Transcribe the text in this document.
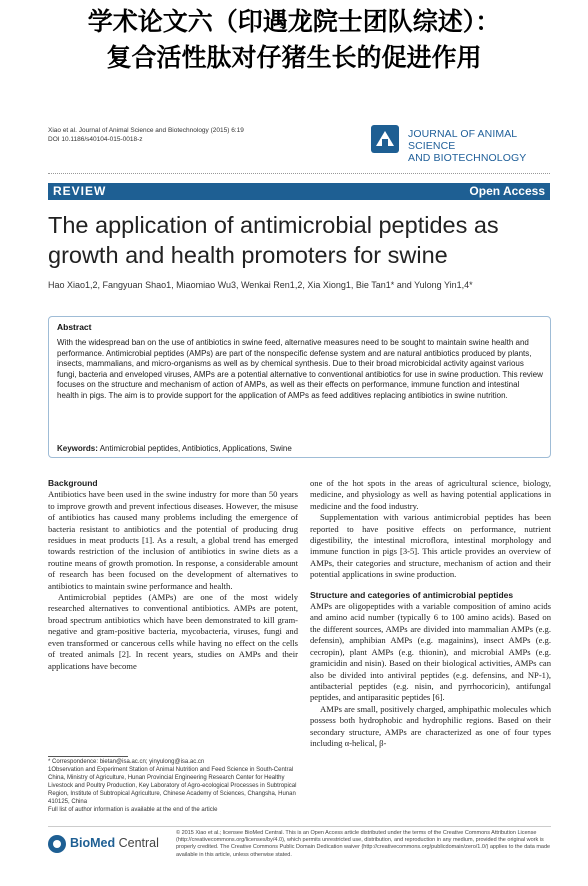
学术论文六（印遇龙院士团队综述）：
复合活性肽对仔猪生长的促进作用
Xiao et al. Journal of Animal Science and Biotechnology (2015) 6:19
DOI 10.1186/s40104-015-0018-z	JOURNAL OF ANIMAL SCIENCE
AND BIOTECHNOLOGY
REVIEW	Open Access
The application of antimicrobial peptides as growth and health promoters for swine
Hao Xiao1,2, Fangyuan Shao1, Miaomiao Wu3, Wenkai Ren1,2, Xia Xiong1, Bie Tan1* and Yulong Yin1,4*
Abstract
With the widespread ban on the use of antibiotics in swine feed, alternative measures need to be sought to maintain swine health and performance. Antimicrobial peptides (AMPs) are part of the nonspecific defense system and are natural antibiotics produced by plants, insects, mammalians, and micro-organisms as well as by chemical synthesis. Due to their broad microbicidal activity against various fungi, bacteria and enveloped viruses, AMPs are a potential alternative to conventional antibiotics for use in swine production. This review focuses on the structure and mechanism of action of AMPs, as well as their effects on performance, immune function and intestinal health in pigs. The aim is to provide support for the application of AMPs as feed additives replacing antibiotics in swine nutrition.
Keywords: Antimicrobial peptides, Antibiotics, Applications, Swine
Background

Antibiotics have been used in the swine industry for more than 50 years to improve growth and prevent infectious diseases. However, the misuse of antibiotics has caused many problems including the emergence of bacteria resistant to antibiotics and the potential of producing drug residues in meat products [1]. As a result, a global trend has emerged towards restriction of the inclusion of antibiotics in swine diets as a routine means of growth promotion. In response, a considerable amount of research has been focused on the development of alternatives to antibiotics to maintain swine performance and health.

Antimicrobial peptides (AMPs) are one of the most widely researched alternatives to conventional antibiotics. AMPs are potent, broad spectrum antibiotics which have been demonstrated to kill gram-negative and gram-positive bacteria, mycobacteria, viruses, fungi and even transformed or cancerous cells while having no effect on the cells of treated animals [2]. In recent years, studies on AMPs and their applications have become

one of the hot spots in the areas of agricultural science, biology, medicine, and physiology as well as having potential applications in medicine and the food industry.

Supplementation with various antimicrobial peptides has been reported to have positive effects on performance, nutrient digestibility, the intestinal microflora, intestinal morphology and immune function in pigs [3-5]. This article provides an overview of AMPs, their categories and structure, mechanism of action and their potential applications in swine production.

Structure and categories of antimicrobial peptides

AMPs are oligopeptides with a variable composition of amino acids and amino acid number (typically 6 to 100 amino acids). Based on the different sources, AMPs are divided into mammalian AMPs (e.g. defensin), amphibian AMPs (e.g. magainins), insect AMPs (e.g. cecropin), plant AMPs (e.g. thionin), and microbial AMPs (e.g. gramicidin and nisin). Based on their biological activities, AMPs can also be divided into antiviral peptides (e.g. defensins, and NP-1), antibacterial peptides (e.g. nisin, and pyrrhocoricin), antifungal peptides, and antiparasitic peptides [6].

AMPs are small, positively charged, amphipathic molecules which possess both hydrophobic and hydrophilic regions. Based on their secondary structure, AMPs are characterized as one of four types including α-helical, β-

* Correspondence: bietan@isa.ac.cn; yinyulong@isa.ac.cn
1Observation and Experiment Station of Animal Nutrition and Feed Science in South-Central China, Ministry of Agriculture, Hunan Provincial Engineering Research Center for Healthy Livestock and Poultry Production, Key Laboratory of Agro-ecological Processes in Subtropical Region, Institute of Subtropical Agriculture, Chinese Academy of Sciences, Changsha, Hunan 410125, China
Full list of author information is available at the end of the article
BioMed Central
© 2015 Xiao et al.; licensee BioMed Central. This is an Open Access article distributed under the terms of the Creative Commons Attribution License (http://creativecommons.org/licenses/by/4.0), which permits unrestricted use, distribution, and reproduction in any medium, provided the original work is properly credited. The Creative Commons Public Domain Dedication waiver (http://creativecommons.org/publicdomain/zero/1.0/) applies to the data made available in this article, unless otherwise stated.
